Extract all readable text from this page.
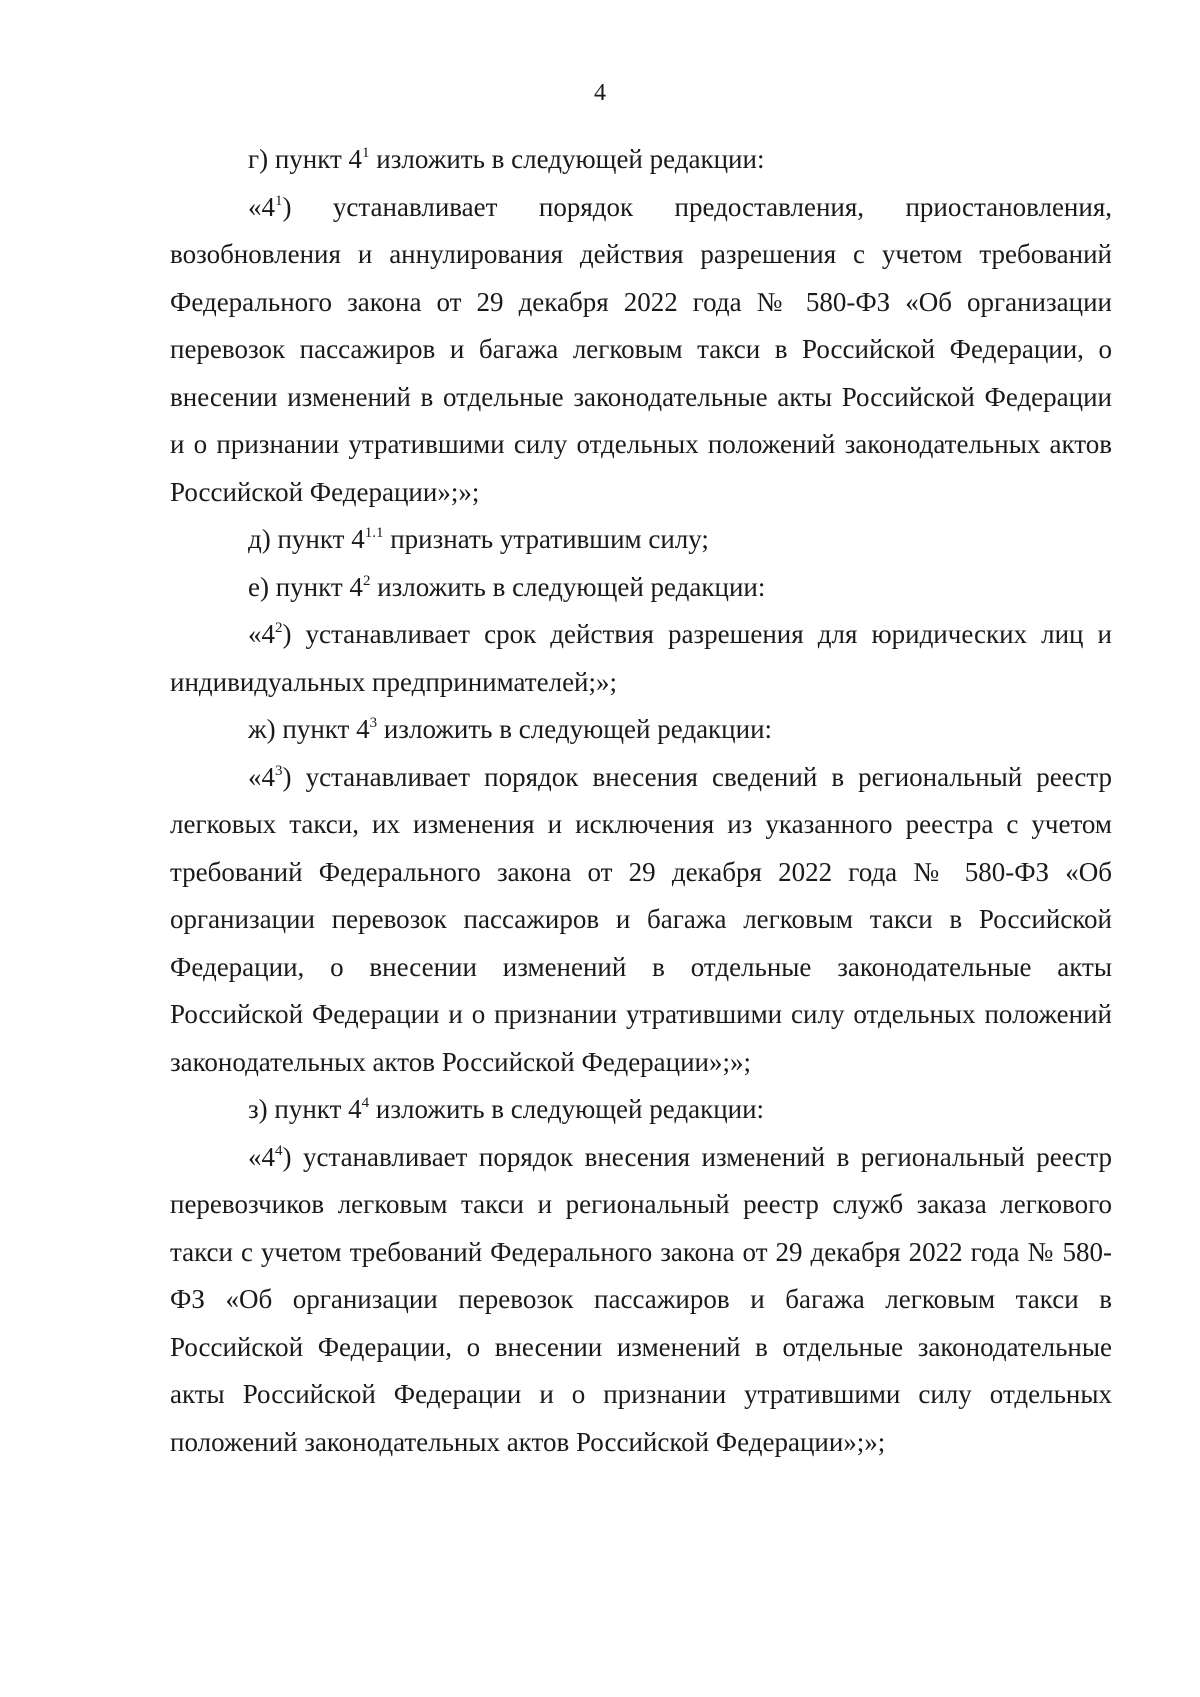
4

г) пункт $4^1$ изложить в следующей редакции:

«$4^1$) устанавливает порядок предоставления, приостановления, возобновления и аннулирования действия разрешения с учетом требований Федерального закона от 29 декабря 2022 года № 580-ФЗ «Об организации перевозок пассажиров и багажа легковым такси в Российской Федерации, о внесении изменений в отдельные законодательные акты Российской Федерации и о признании утратившими силу отдельных положений законодательных актов Российской Федерации»;»;

д) пункт $4^{1.1}$ признать утратившим силу;

е) пункт $4^2$ изложить в следующей редакции:

«$4^2$) устанавливает срок действия разрешения для юридических лиц и индивидуальных предпринимателей;»;

ж) пункт $4^3$ изложить в следующей редакции:

«$4^3$) устанавливает порядок внесения сведений в региональный реестр легковых такси, их изменения и исключения из указанного реестра с учетом требований Федерального закона от 29 декабря 2022 года № 580-ФЗ «Об организации перевозок пассажиров и багажа легковым такси в Российской Федерации, о внесении изменений в отдельные законодательные акты Российской Федерации и о признании утратившими силу отдельных положений законодательных актов Российской Федерации»;»;

з) пункт $4^4$ изложить в следующей редакции:

«$4^4$) устанавливает порядок внесения изменений в региональный реестр перевозчиков легковым такси и региональный реестр служб заказа легкового такси с учетом требований Федерального закона от 29 декабря 2022 года № 580-ФЗ «Об организации перевозок пассажиров и багажа легковым такси в Российской Федерации, о внесении изменений в отдельные законодательные акты Российской Федерации и о признании утратившими силу отдельных положений законодательных актов Российской Федерации»;»;
